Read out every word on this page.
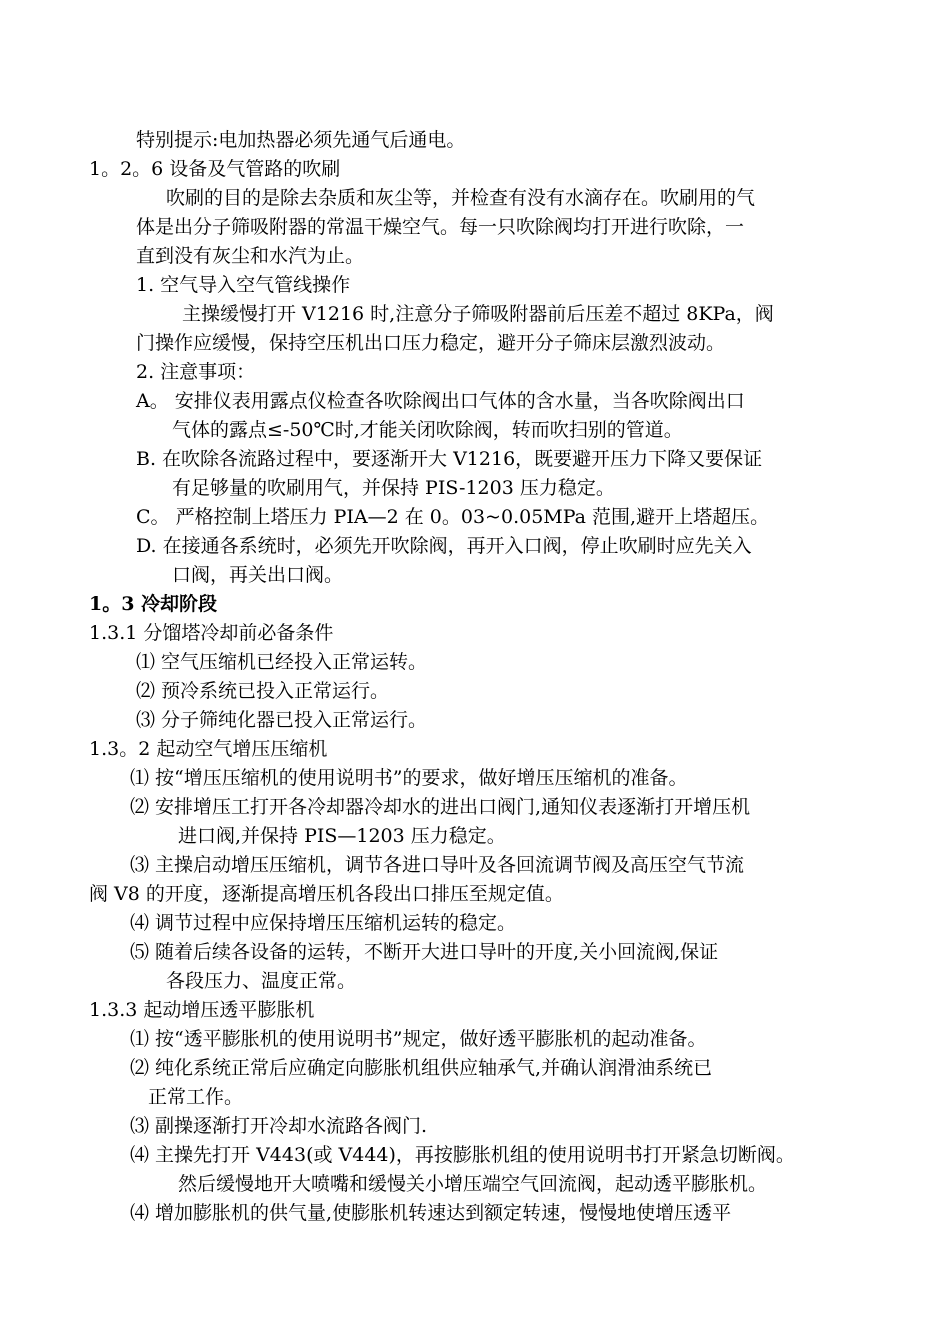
特别提示:电加热器必须先通气后通电。
1。2。6 设备及气管路的吹刷
吹刷的目的是除去杂质和灰尘等，并检查有没有水滴存在。吹刷用的气
体是出分子筛吸附器的常温干燥空气。每一只吹除阀均打开进行吹除，一
直到没有灰尘和水汽为止。
1. 空气导入空气管线操作
主操缓慢打开 V1216 时,注意分子筛吸附器前后压差不超过 8KPa，阀
门操作应缓慢，保持空压机出口压力稳定，避开分子筛床层激烈波动。
2. 注意事项：
A。 安排仪表用露点仪检查各吹除阀出口气体的含水量，当各吹除阀出口
气体的露点≤-50℃时,才能关闭吹除阀，转而吹扫别的管道。
B. 在吹除各流路过程中，要逐渐开大 V1216，既要避开压力下降又要保证
有足够量的吹刷用气，并保持 PIS-1203 压力稳定。
C。 严格控制上塔压力 PIA—2 在 0。03~0.05MPa 范围,避开上塔超压。
D. 在接通各系统时，必须先开吹除阀，再开入口阀，停止吹刷时应先关入
口阀，再关出口阀。
1。3 冷却阶段
1.3.1 分馏塔冷却前必备条件
⑴ 空气压缩机已经投入正常运转。
⑵ 预冷系统已投入正常运行。
⑶ 分子筛纯化器已投入正常运行。
1.3。2 起动空气增压压缩机
⑴ 按“增压压缩机的使用说明书”的要求，做好增压压缩机的准备。
⑵ 安排增压工打开各冷却器冷却水的进出口阀门,通知仪表逐渐打开增压机
进口阀,并保持 PIS—1203 压力稳定。
⑶ 主操启动增压压缩机，调节各进口导叶及各回流调节阀及高压空气节流
阀 V8 的开度，逐渐提高增压机各段出口排压至规定值。
⑷ 调节过程中应保持增压压缩机运转的稳定。
⑸ 随着后续各设备的运转，不断开大进口导叶的开度,关小回流阀,保证
各段压力、温度正常。
1.3.3 起动增压透平膨胀机
⑴ 按“透平膨胀机的使用说明书”规定，做好透平膨胀机的起动准备。
⑵ 纯化系统正常后应确定向膨胀机组供应轴承气,并确认润滑油系统已
正常工作。
⑶ 副操逐渐打开冷却水流路各阀门.
⑷ 主操先打开 V443(或 V444)，再按膨胀机组的使用说明书打开紧急切断阀。
然后缓慢地开大喷嘴和缓慢关小增压端空气回流阀，起动透平膨胀机。
⑷ 增加膨胀机的供气量,使膨胀机转速达到额定转速，慢慢地使增压透平
